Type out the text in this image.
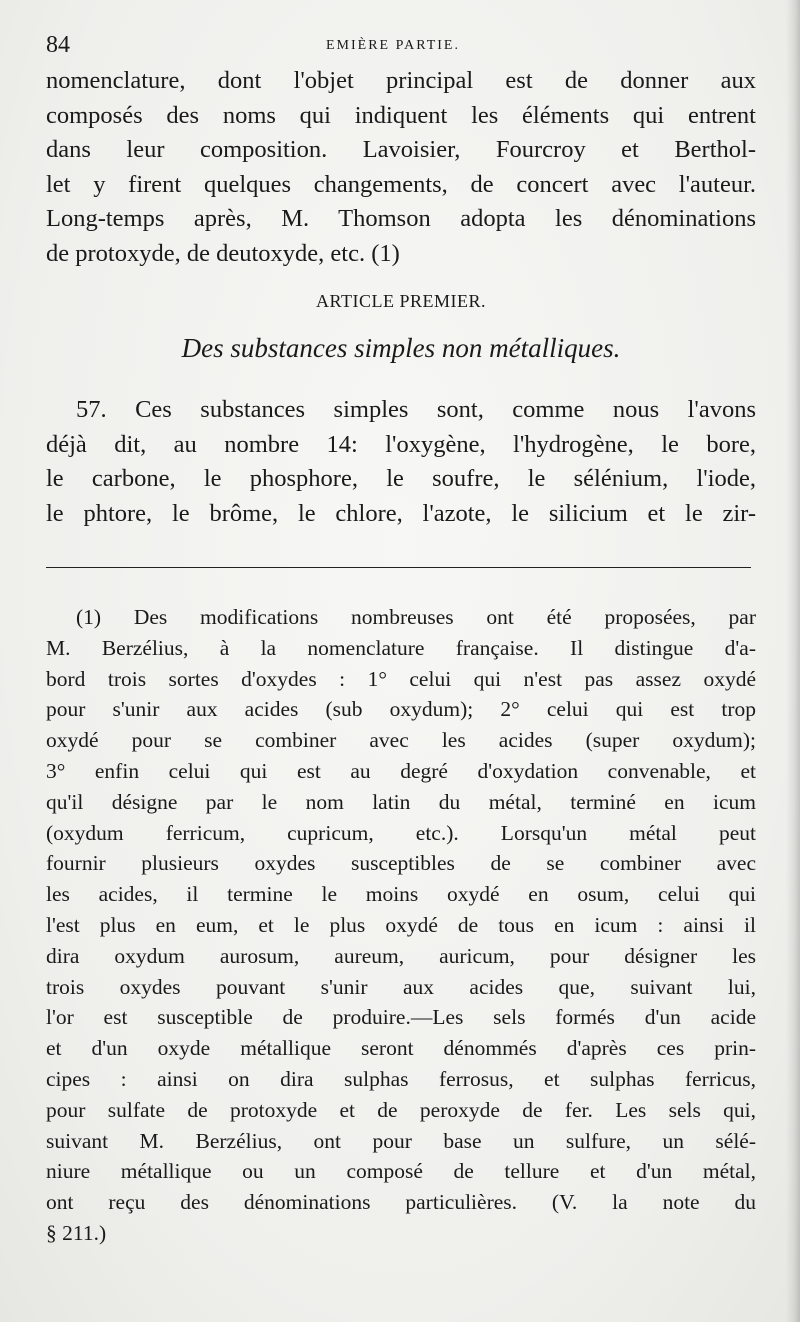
84	EMIÈRE PARTIE.
nomenclature, dont l'objet principal est de donner aux
composés des noms qui indiquent les éléments qui entrent
dans leur composition. Lavoisier, Fourcroy et Berthol-
let y firent quelques changements, de concert avec l'auteur.
Long-temps après, M. Thomson adopta les dénominations
de protoxyde, de deutoxyde, etc. (1)
ARTICLE PREMIER.
Des substances simples non métalliques.
57. Ces substances simples sont, comme nous l'avons
déjà dit, au nombre 14: l'oxygène, l'hydrogène, le bore,
le carbone, le phosphore, le soufre, le sélénium, l'iode,
le phtore, le brôme, le chlore, l'azote, le silicium et le zir-
(1) Des modifications nombreuses ont été proposées, par
M. Berzélius, à la nomenclature française. Il distingue d'a-
bord trois sortes d'oxydes : 1° celui qui n'est pas assez oxydé
pour s'unir aux acides (sub oxydum); 2° celui qui est trop
oxydé pour se combiner avec les acides (super oxydum);
3° enfin celui qui est au degré d'oxydation convenable, et
qu'il désigne par le nom latin du métal, terminé en icum
(oxydum ferricum, cupricum, etc.). Lorsqu'un métal peut
fournir plusieurs oxydes susceptibles de se combiner avec
les acides, il termine le moins oxydé en osum, celui qui
l'est plus en eum, et le plus oxydé de tous en icum : ainsi il
dira oxydum aurosum, aureum, auricum, pour désigner les
trois oxydes pouvant s'unir aux acides que, suivant lui,
l'or est susceptible de produire.—Les sels formés d'un acide
et d'un oxyde métallique seront dénommés d'après ces prin-
cipes : ainsi on dira sulphas ferrosus, et sulphas ferricus,
pour sulfate de protoxyde et de peroxyde de fer. Les sels qui,
suivant M. Berzélius, ont pour base un sulfure, un sélé-
niure métallique ou un composé de tellure et d'un métal,
ont reçu des dénominations particulières. (V. la note du
§ 211.)
